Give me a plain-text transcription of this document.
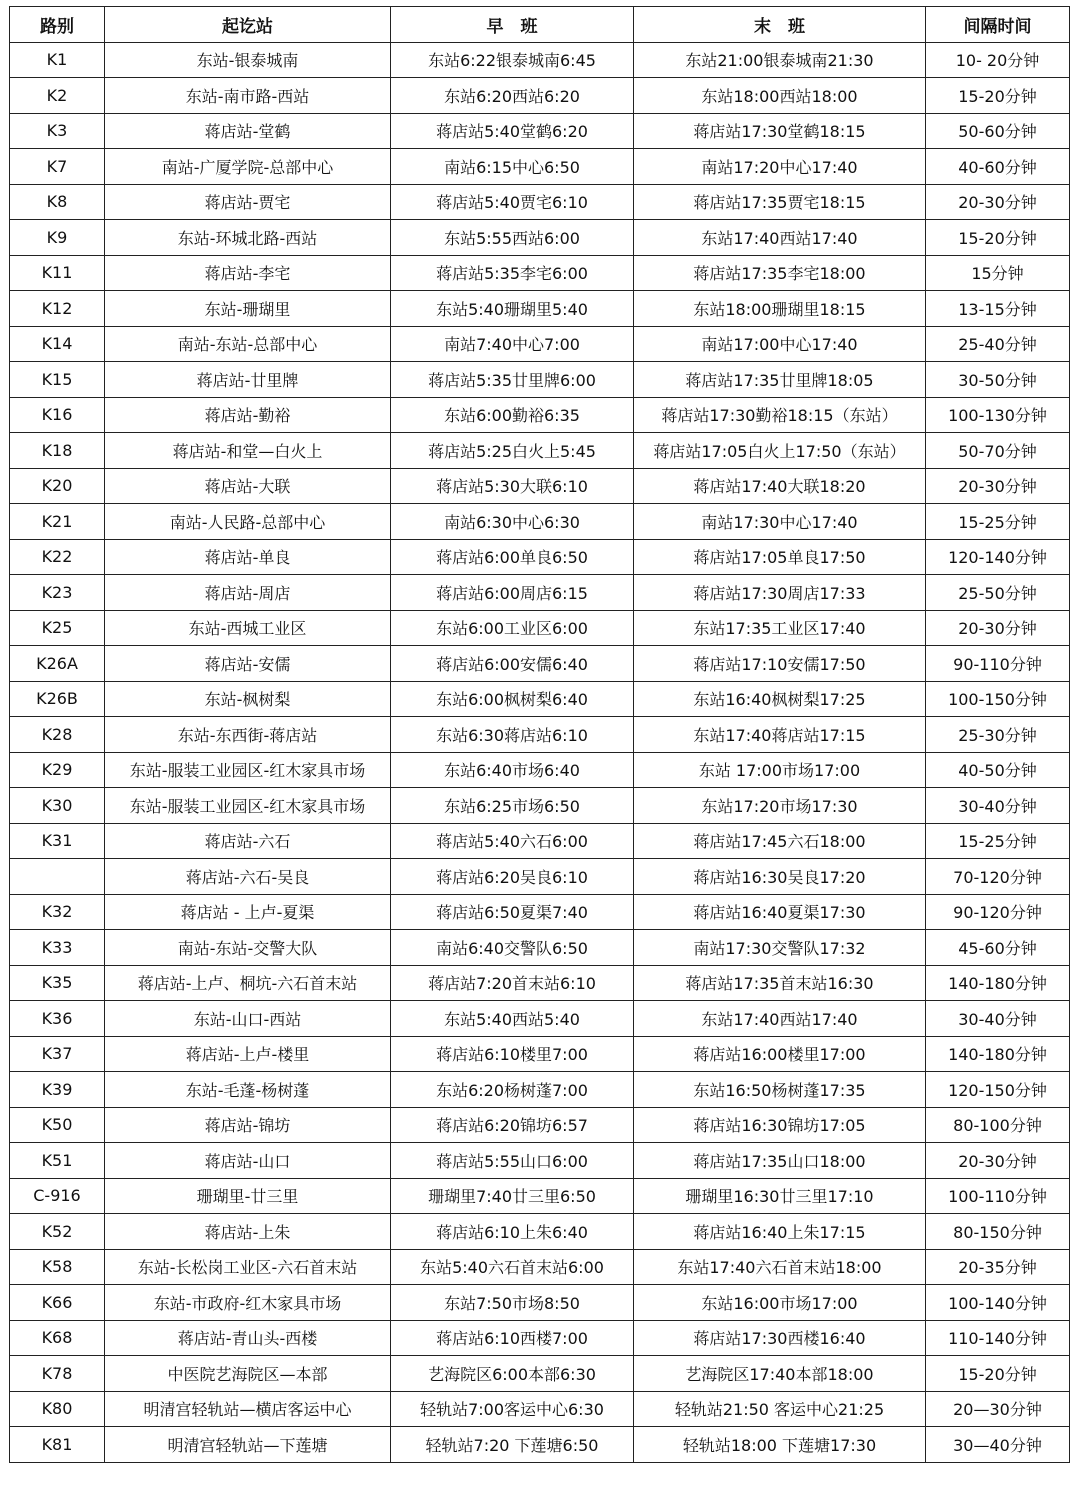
路别	起讫站	早　班	末　班	间隔时间
K1	东站-银泰城南	东站6:22银泰城南6:45	东站21:00银泰城南21:30	10- 20分钟
K2	东站-南市路-西站	东站6:20西站6:20	东站18:00西站18:00	15-20分钟
K3	蒋店站-堂鹤	蒋店站5:40堂鹤6:20	蒋店站17:30堂鹤18:15	50-60分钟
K7	南站-广厦学院-总部中心	南站6:15中心6:50	南站17:20中心17:40	40-60分钟
K8	蒋店站-贾宅	蒋店站5:40贾宅6:10	蒋店站17:35贾宅18:15	20-30分钟
K9	东站-环城北路-西站	东站5:55西站6:00	东站17:40西站17:40	15-20分钟
K11	蒋店站-李宅	蒋店站5:35李宅6:00	蒋店站17:35李宅18:00	15分钟
K12	东站-珊瑚里	东站5:40珊瑚里5:40	东站18:00珊瑚里18:15	13-15分钟
K14	南站-东站-总部中心	南站7:40中心7:00	南站17:00中心17:40	25-40分钟
K15	蒋店站-廿里牌	蒋店站5:35廿里牌6:00	蒋店站17:35廿里牌18:05	30-50分钟
K16	蒋店站-勤裕	东站6:00勤裕6:35	蒋店站17:30勤裕18:15（东站）	100-130分钟
K18	蒋店站-和堂—白火上	蒋店站5:25白火上5:45	蒋店站17:05白火上17:50（东站）	50-70分钟
K20	蒋店站-大联	蒋店站5:30大联6:10	蒋店站17:40大联18:20	20-30分钟
K21	南站-人民路-总部中心	南站6:30中心6:30	南站17:30中心17:40	15-25分钟
K22	蒋店站-单良	蒋店站6:00单良6:50	蒋店站17:05单良17:50	120-140分钟
K23	蒋店站-周店	蒋店站6:00周店6:15	蒋店站17:30周店17:33	25-50分钟
K25	东站-西城工业区	东站6:00工业区6:00	东站17:35工业区17:40	20-30分钟
K26A	蒋店站-安儒	蒋店站6:00安儒6:40	蒋店站17:10安儒17:50	90-110分钟
K26B	东站-枫树梨	东站6:00枫树梨6:40	东站16:40枫树梨17:25	100-150分钟
K28	东站-东西街-蒋店站	东站6:30蒋店站6:10	东站17:40蒋店站17:15	25-30分钟
K29	东站-服装工业园区-红木家具市场	东站6:40市场6:40	东站 17:00市场17:00	40-50分钟
K30	东站-服装工业园区-红木家具市场	东站6:25市场6:50	东站17:20市场17:30	30-40分钟
K31	蒋店站-六石	蒋店站5:40六石6:00	蒋店站17:45六石18:00	15-25分钟
	蒋店站-六石-吴良	蒋店站6:20吴良6:10	蒋店站16:30吴良17:20	70-120分钟
K32	蒋店站 - 上卢-夏渠	蒋店站6:50夏渠7:40	蒋店站16:40夏渠17:30	90-120分钟
K33	南站-东站-交警大队	南站6:40交警队6:50	南站17:30交警队17:32	45-60分钟
K35	蒋店站-上卢、桐坑-六石首末站	蒋店站7:20首末站6:10	蒋店站17:35首末站16:30	140-180分钟
K36	东站-山口-西站	东站5:40西站5:40	东站17:40西站17:40	30-40分钟
K37	蒋店站-上卢-楼里	蒋店站6:10楼里7:00	蒋店站16:00楼里17:00	140-180分钟
K39	东站-毛蓬-杨树蓬	东站6:20杨树蓬7:00	东站16:50杨树蓬17:35	120-150分钟
K50	蒋店站-锦坊	蒋店站6:20锦坊6:57	蒋店站16:30锦坊17:05	80-100分钟
K51	蒋店站-山口	蒋店站5:55山口6:00	蒋店站17:35山口18:00	20-30分钟
C-916	珊瑚里-廿三里	珊瑚里7:40廿三里6:50	珊瑚里16:30廿三里17:10	100-110分钟
K52	蒋店站-上朱	蒋店站6:10上朱6:40	蒋店站16:40上朱17:15	80-150分钟
K58	东站-长松岗工业区-六石首末站	东站5:40六石首末站6:00	东站17:40六石首末站18:00	20-35分钟
K66	东站-市政府-红木家具市场	东站7:50市场8:50	东站16:00市场17:00	100-140分钟
K68	蒋店站-青山头-西楼	蒋店站6:10西楼7:00	蒋店站17:30西楼16:40	110-140分钟
K78	中医院艺海院区—本部	艺海院区6:00本部6:30	艺海院区17:40本部18:00	15-20分钟
K80	明清宫轻轨站—横店客运中心	轻轨站7:00客运中心6:30	轻轨站21:50 客运中心21:25	20—30分钟
K81	明清宫轻轨站—下莲塘	轻轨站7:20 下莲塘6:50	轻轨站18:00 下莲塘17:30	30—40分钟
